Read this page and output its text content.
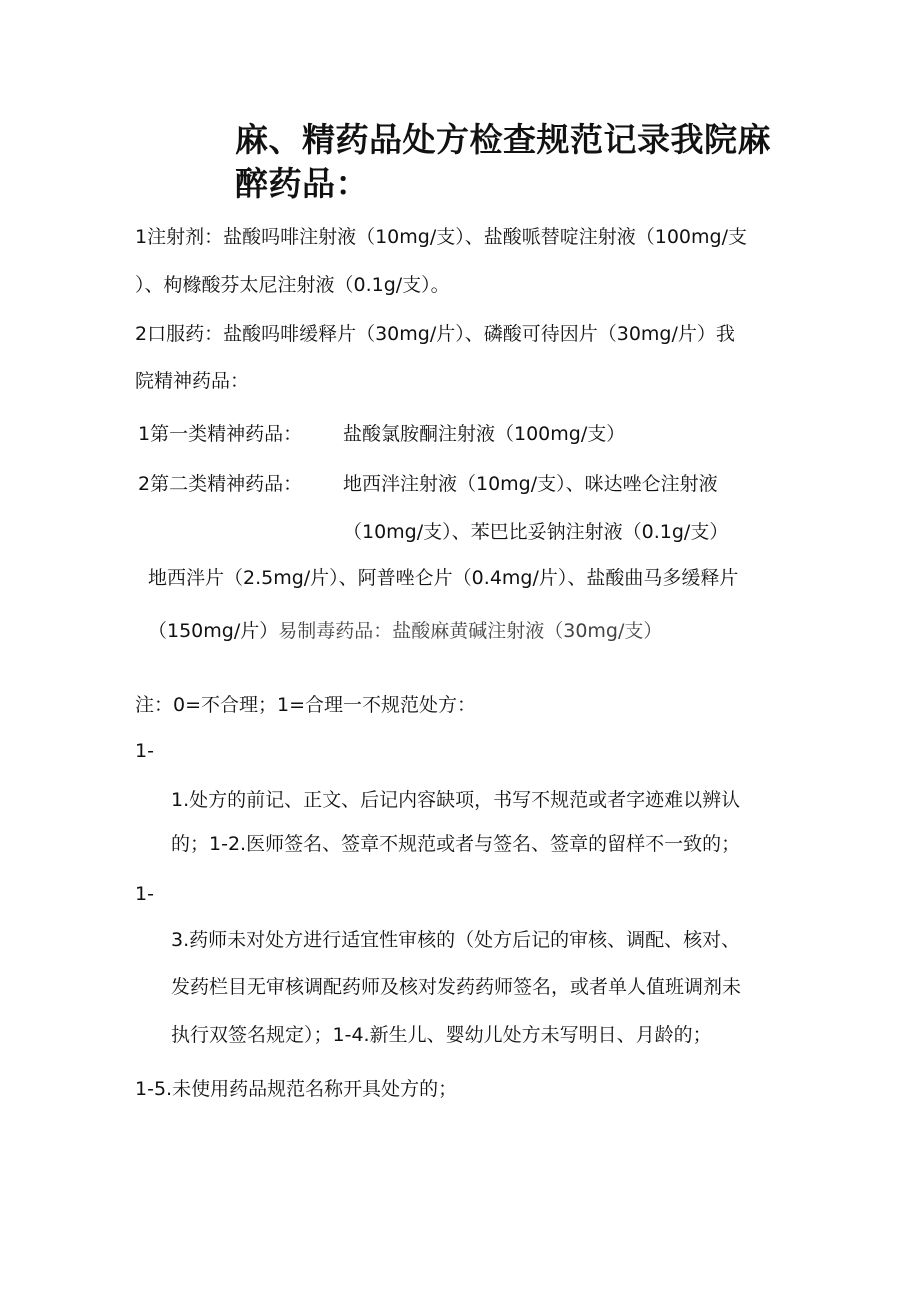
麻、精药品处方检查规范记录我院麻
醉药品：
1注射剂：盐酸吗啡注射液（10mg/支）、盐酸哌替啶注射液（100mg/支
）、枸橼酸芬太尼注射液（0.1g/支）。
2口服药：盐酸吗啡缓释片（30mg/片）、磷酸可待因片（30mg/片）我
院精神药品：
1第一类精神药品： 盐酸氯胺酮注射液（100mg/支）
2第二类精神药品： 地西泮注射液（10mg/支）、咪达唑仑注射液
（10mg/支）、苯巴比妥钠注射液（0.1g/支）
地西泮片（2.5mg/片）、阿普唑仑片（0.4mg/片）、盐酸曲马多缓释片
（150mg/片）易制毒药品：盐酸麻黄碱注射液（30mg/支）
注：0=不合理；1=合理一不规范处方：
1-
1.处方的前记、正文、后记内容缺项，书写不规范或者字迹难以辨认
的；1-2.医师签名、签章不规范或者与签名、签章的留样不一致的；
1-
3.药师未对处方进行适宜性审核的（处方后记的审核、调配、核对、
发药栏目无审核调配药师及核对发药药师签名，或者单人值班调剂未
执行双签名规定）；1-4.新生儿、婴幼儿处方未写明日、月龄的；
1-5.未使用药品规范名称开具处方的；
